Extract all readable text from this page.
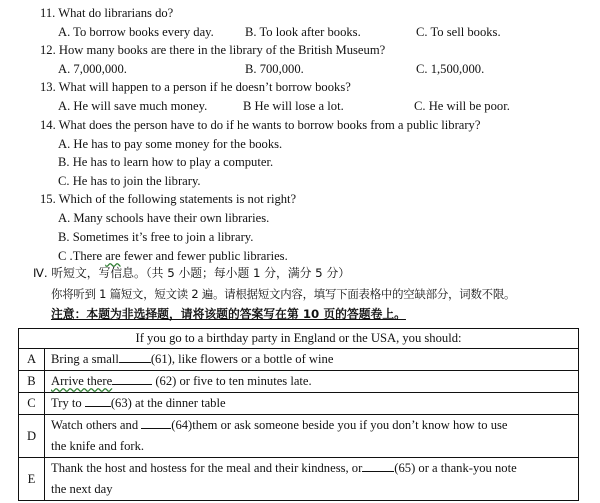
11. What do librarians do?
A. To borrow books every day. B. To look after books.	C. To sell books.
12. How many books are there in the library of the British Museum?
A. 7,000,000.	B. 700,000.	C. 1,500,000.
13. What will happen to a person if he doesn’t borrow books?
A. He will save much money.	B He will lose a lot.	C. He will be poor.
14. What does the person have to do if he wants to borrow books from a public library?
A. He has to pay some money for the books.
B. He has to learn how to play a computer.
C. He has to join the library.
15. Which of the following statements is not right?
A. Many schools have their own libraries.
B. Sometimes it’s free to join a library.
C .There are fewer and fewer public libraries.
Ⅳ. 听短文，写信息。（共 5 小题；每小题 1 分，满分 5 分）
你将听到 1 篇短文，短文读 2 遍。请根据短文内容，填写下面表格中的空缺部分，词数不限。
注意：本题为非选择题，请将该题的答案写在第 10 页的答题卷上。
If you go to a birthday party in England or the USA, you should:	
A	Bring a small (61), like flowers or a bottle of wine
B	Arrive there (62) or five to ten minutes late.
C	Try to (63) at the dinner table
D	Watch others and (64)them or ask someone beside you if you don’t know how to use
the knife and fork.
E	Thank the host and hostess for the meal and their kindness, or (65) or a thank-you note
the next day
